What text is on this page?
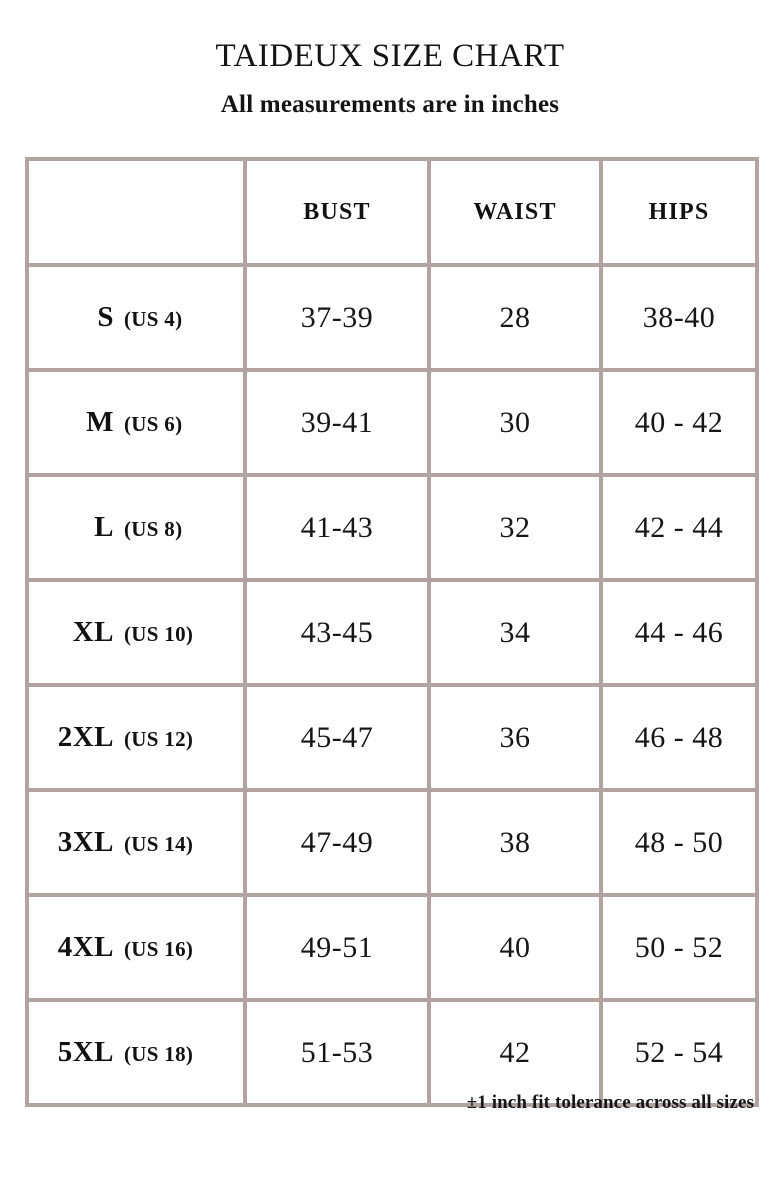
TAIDEUX SIZE CHART
All measurements are in inches
	BUST	WAIST	HIPS

S (US 4)	37-39	28	38-40

M (US 6)	39-41	30	40 - 42

L (US 8)	41-43	32	42 - 44

XL (US 10)	43-45	34	44 - 46

2XL (US 12)	45-47	36	46 - 48

3XL (US 14)	47-49	38	48 - 50

4XL (US 16)	49-51	40	50 - 52

5XL (US 18)	51-53	42	52 - 54
±1 inch fit tolerance across all sizes
